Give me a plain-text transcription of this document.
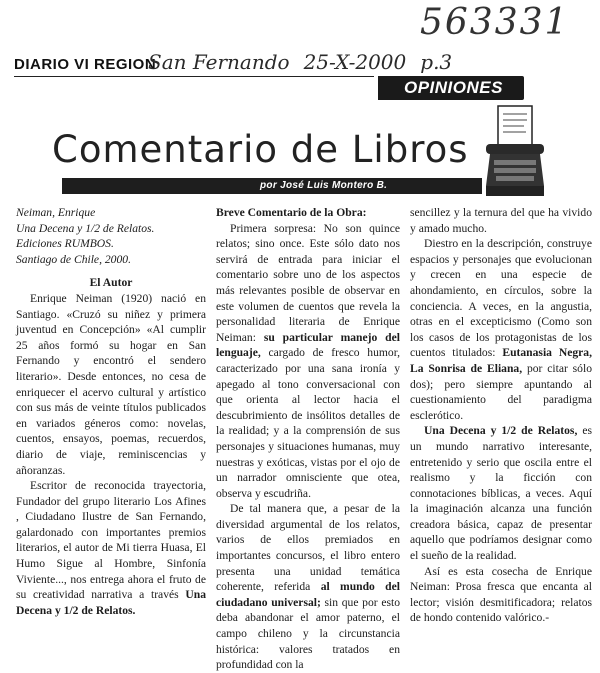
563331
DIARIO VI REGION
San Fernando 25-X-2000 p.3
OPINIONES
Comentario de Libros
por José Luis Montero B.

Neiman, Enrique

Una Decena y 1/2 de Relatos.

Ediciones RUMBOS.

Santiago de Chile, 2000.

El Autor

Enrique Neiman (1920) nació en Santiago. «Cruzó su niñez y primera juventud en Concepción» «Al cumplir 25 años formó su hogar en San Fernando y encontró el sendero literario». Desde entonces, no cesa de enriquecer el acervo cultural y artístico con sus más de veinte títulos publicados en variados géneros como: novelas, cuentos, ensayos, poemas, recuerdos, diario de viaje, reminiscencias y añoranzas.

Escritor de reconocida trayectoria, Fundador del grupo literario Los Afines , Ciudadano Ilustre de San Fernando, galardonado con importantes premios literarios, el autor de Mi tierra Huasa, El Humo Sigue al Hombre, Sinfonía Viviente..., nos entrega ahora el fruto de su creatividad narrativa a través Una Decena y 1/2 de Relatos.

Breve Comentario de la Obra:

Primera sorpresa: No son quince relatos; sino once. Este sólo dato nos servirá de entrada para iniciar el comentario sobre uno de los aspectos más relevantes posible de observar en este volumen de cuentos que revela la personalidad literaria de Enrique Neiman: su particular manejo del lenguaje, cargado de fresco humor, caracterizado por una sana ironía y apegado al tono conversacional con que orienta al lector hacia el descubrimiento de insólitos detalles de la realidad; y a la comprensión de sus personajes y situaciones humanas, muy nuestras y exóticas, vistas por el ojo de un narrador omnisciente que otea, observa y escudriña.

De tal manera que, a pesar de la diversidad argumental de los relatos, varios de ellos premiados en importantes concursos, el libro entero presenta una unidad temática coherente, referida al mundo del ciudadano universal; sin que por esto deba abandonar el amor paterno, el campo chileno y la circunstancia histórica: valores tratados en profundidad con la

sencillez y la ternura del que ha vivido y amado mucho.

Diestro en la descripción, construye espacios y personajes que evolucionan y crecen en una especie de ahondamiento, en círculos, sobre la conciencia. A veces, en la angustia, otras en el excepticismo (Como son los casos de los protagonistas de los cuentos titulados: Eutanasia Negra, La Sonrisa de Eliana, por citar sólo dos); pero siempre apuntando al cuestionamiento del paradigma escleróticо.

Una Decena y 1/2 de Relatos, es un mundo narrativo interesante, entretenido y serio que oscila entre el realismo y la ficción con connotaciones bíblicas, a veces. Aquí la imaginación alcanza una función creadora básica, capaz de presentar aquello que podríamos designar como el sueño de la realidad.

Así es esta cosecha de Enrique Neiman: Prosa fresca que encanta al lector; visión desmitificadora; relatos de hondo contenido valórico.-
